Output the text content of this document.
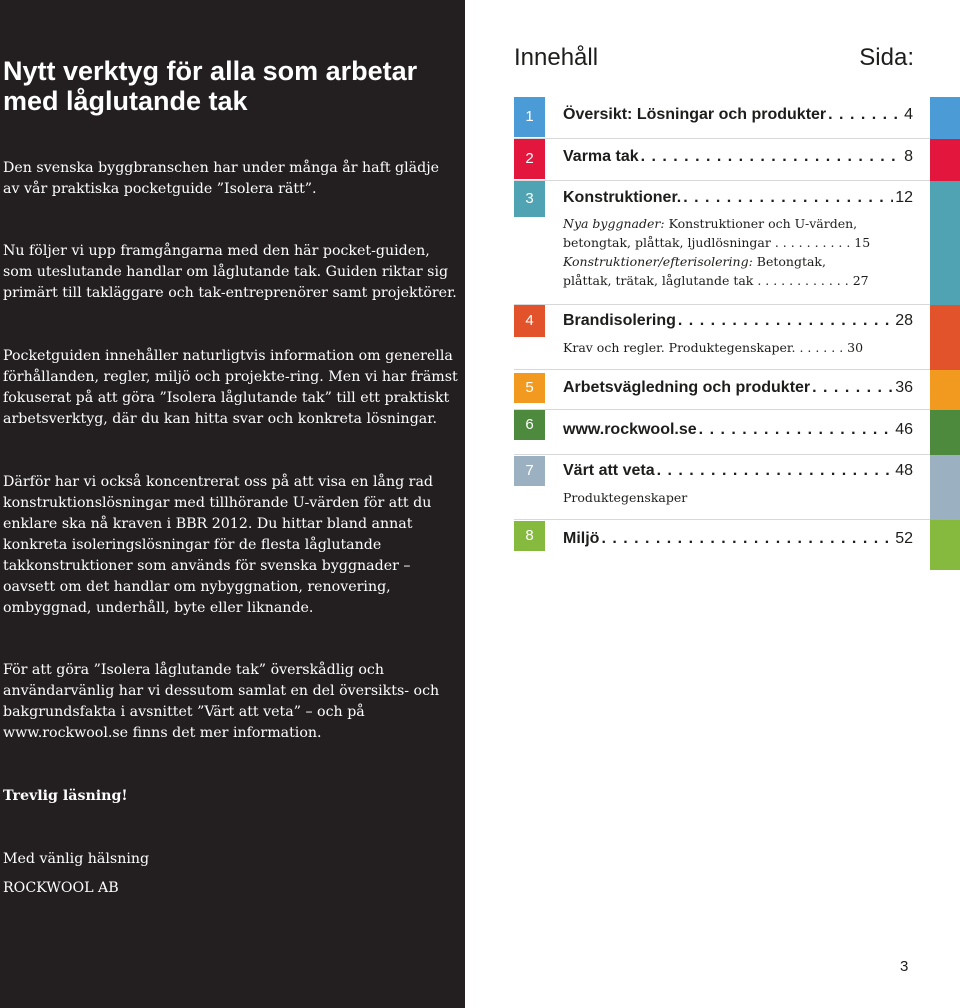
Nytt verktyg för alla som arbetar med låglutande tak

Den svenska byggbranschen har under många år haft glädje av vår praktiska pocketguide ”Isolera rätt”.

Nu följer vi upp framgångarna med den här pocket-guiden, som uteslutande handlar om låglutande tak. Guiden riktar sig primärt till takläggare och tak-entreprenörer samt projektörer.

Pocketguiden innehåller naturligtvis information om generella förhållanden, regler, miljö och projekte-ring. Men vi har främst fokuserat på att göra ”Isolera låglutande tak” till ett praktiskt arbetsverktyg, där du kan hitta svar och konkreta lösningar.

Därför har vi också koncentrerat oss på att visa en lång rad konstruktionslösningar med tillhörande U-värden för att du enklare ska nå kraven i BBR 2012. Du hittar bland annat konkreta isoleringslösningar för de flesta låglutande takkonstruktioner som används för svenska byggnader – oavsett om det handlar om nybyggnation, renovering, ombyggnad, underhåll, byte eller liknande.

För att göra ”Isolera låglutande tak” överskådlig och användarvänlig har vi dessutom samlat en del översikts- och bakgrundsfakta i avsnittet ”Värt att veta” – och på www.rockwool.se finns det mer information.

Trevlig läsning!

Med vänlig hälsning

ROCKWOOL AB

Innehåll	Sida:
1	Översikt: Lösningar och produkter . . .	4
2	Varma tak . . .	8
3	Konstruktioner. . . .	12
Nya byggnader: Konstruktioner och U-värden,
betongtak, plåttak, ljudlösningar . . . . . . . . . . 15
Konstruktioner/efterisolering: Betongtak,
plåttak, trätak, låglutande tak . . . . . . . . . . . . 27
4	Brandisolering . . .	28
Krav och regler. Produktegenskaper. . . . . . . 30
5	Arbetsvägledning och produkter . . .	36
6	www.rockwool.se . . .	46
7	Värt att veta . . .	48
Produktegenskaper
8	Miljö . . .	52
3
